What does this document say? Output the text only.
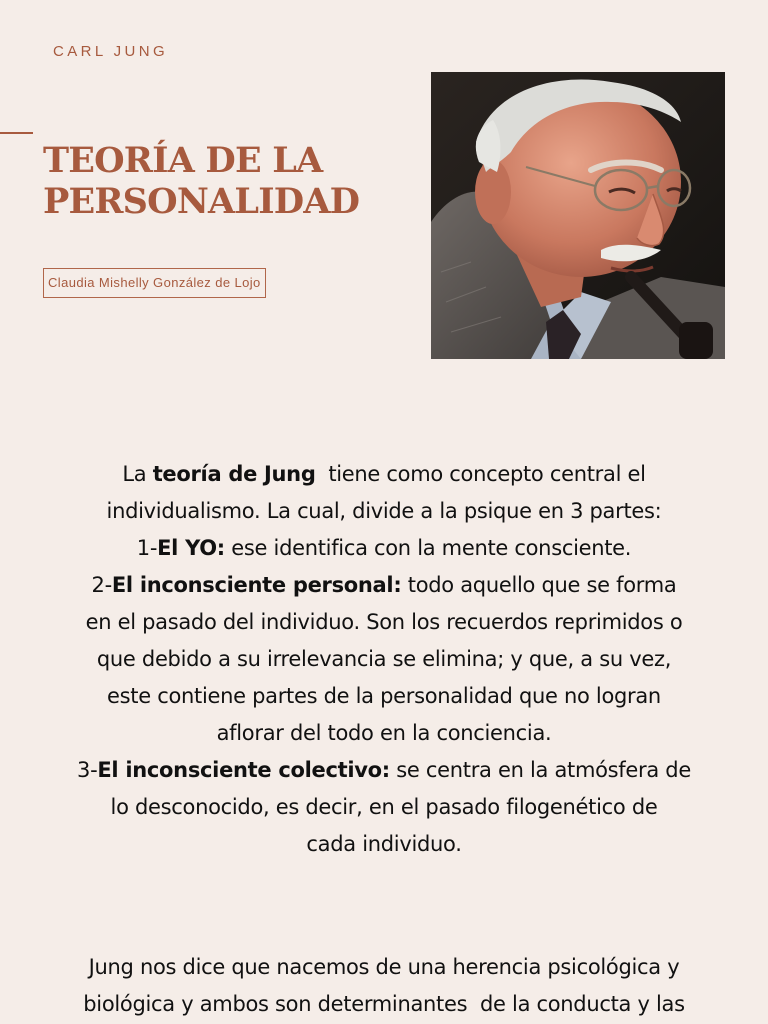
CARL JUNG
TEORÍA DE LA
PERSONALIDAD
Claudia Mishelly González de Lojo

La teoría de Jung  tiene como concepto central el
individualismo. La cual, divide a la psique en 3 partes:
1-El YO: ese identifica con la mente consciente.
2-El inconsciente personal: todo aquello que se forma
en el pasado del individuo. Son los recuerdos reprimidos o
que debido a su irrelevancia se elimina; y que, a su vez,
este contiene partes de la personalidad que no logran
aflorar del todo en la conciencia.
3-El inconsciente colectivo: se centra en la atmósfera de
lo desconocido, es decir, en el pasado filogenético de
cada individuo.

Jung nos dice que nacemos de una herencia psicológica y
biológica y ambos son determinantes  de la conducta y las
